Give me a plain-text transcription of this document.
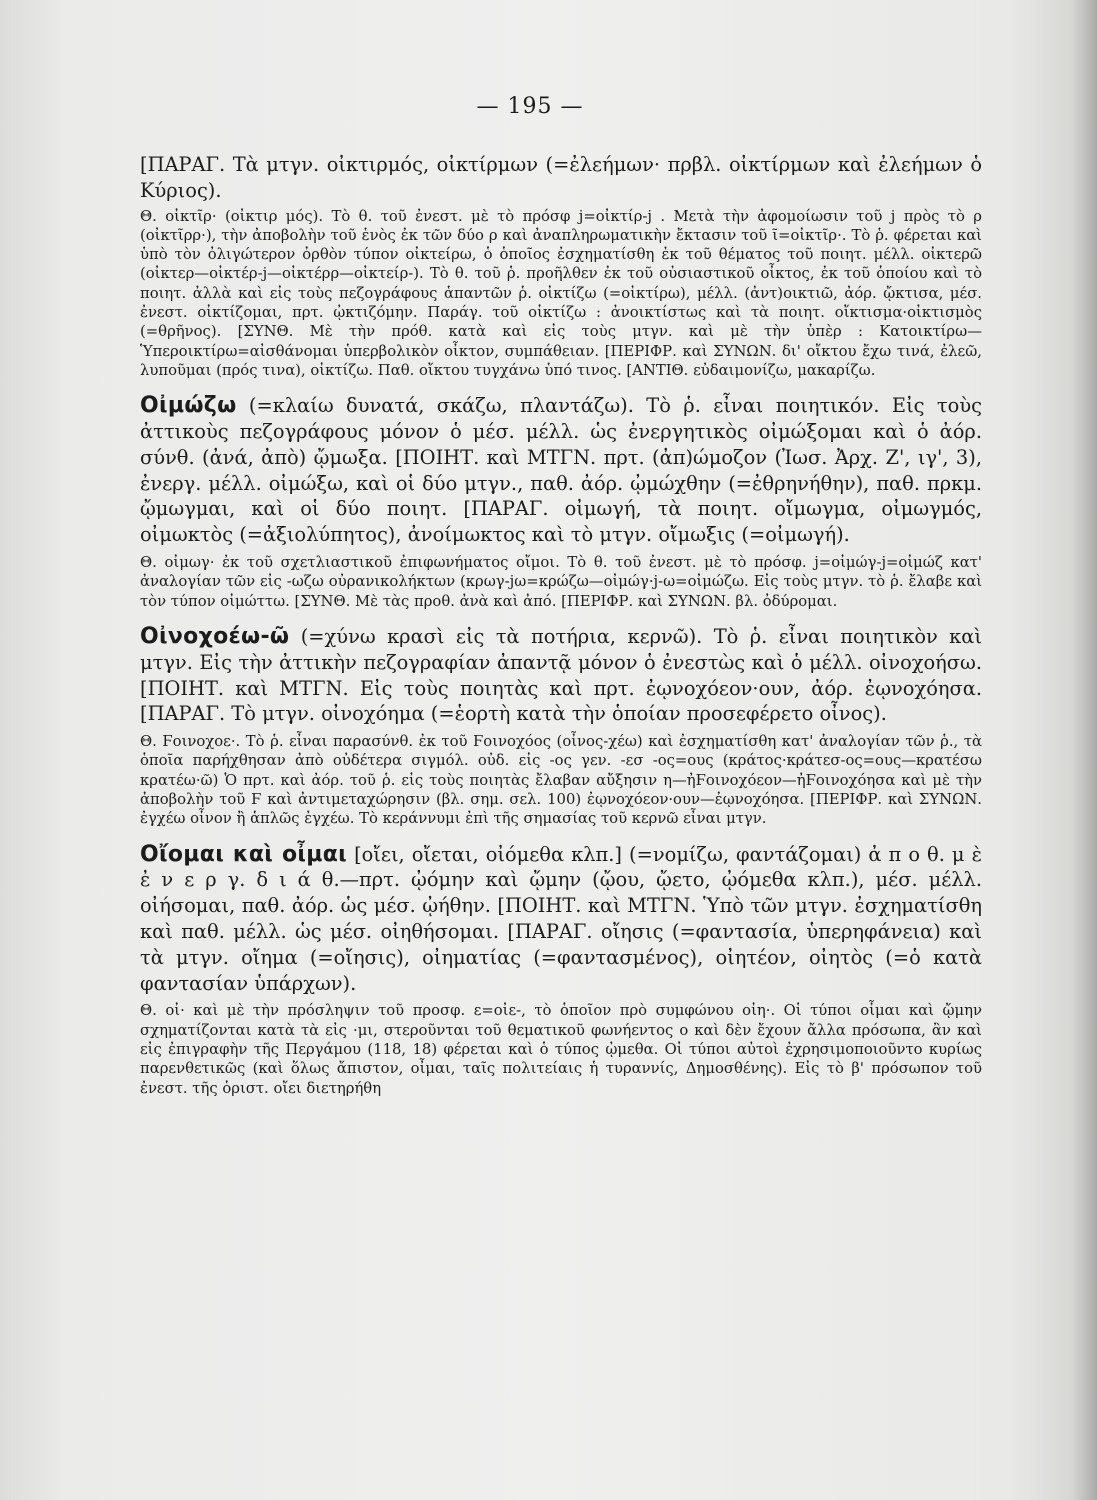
— 195 —

[ΠΑΡΑΓ. Τὰ μτγν. οἰκτιρμός, οἰκτίρμων (=ἐλεήμων· πρβλ. οἰκτίρμων καὶ ἐλεήμων ὁ Κύριος).

Θ. οἰκτῖρ· (οἰκτιρ μός). Τὸ θ. τοῦ ἐνεστ. μὲ τὸ πρόσφ j=οἰκτίρ-j . Μετὰ τὴν ἀφομοίωσιν τοῦ j πρὸς τὸ ρ (οἰκτῖρρ·), τὴν ἀποβολὴν τοῦ ἑνὸς ἐκ τῶν δύο ρ καὶ ἀναπληρωματικὴν ἔκτασιν τοῦ ῖ=οἰκτῖρ·. Τὸ ῥ. φέρεται καὶ ὑπὸ τὸν ὀλιγώτερον ὀρθὸν τύπον οἰκτείρω, ὁ ὁποῖος ἐσχηματίσθη ἐκ τοῦ θέματος τοῦ ποιητ. μέλλ. οἰκτερῶ (οἰκτερ—οἰκτέρ-j—οἰκτέρρ—οἰκτείρ-). Τὸ θ. τοῦ ῥ. προῆλθεν ἐκ τοῦ οὐσιαστικοῦ οἶκτος, ἐκ τοῦ ὁποίου καὶ τὸ ποιητ. ἀλλὰ καὶ εἰς τοὺς πεζογράφους ἁπαντῶν ῥ. οἰκτίζω (=οἰκτίρω), μέλλ. (ἀντ)οικτιῶ, ἀόρ. ᾤκτισα, μέσ. ἐνεστ. οἰκτίζομαι, πρτ. ᾠκτιζόμην. Παράγ. τοῦ οἰκτίζω : ἀνοικτίστως καὶ τὰ ποιητ. οἴκτισμα·οἰκτισμὸς (=θρῆνος). [ΣΥΝΘ. Μὲ τὴν πρόθ. κατὰ καὶ εἰς τοὺς μτγν. καὶ μὲ τὴν ὑπὲρ : Κατοικτίρω—Ὑπεροικτίρω=αἰσθάνομαι ὑπερβολικὸν οἶκτον, συμπάθειαν. [ΠΕΡΙΦΡ. καὶ ΣΥΝΩΝ. δι' οἴκτου ἔχω τινά, ἐλεῶ, λυποῦμαι (πρός τινα), οἰκτίζω. Παθ. οἴκτου τυγχάνω ὑπό τινος. [ΑΝΤΙΘ. εὐδαιμονίζω, μακαρίζω.

Οἰμώζω (=κλαίω δυνατά, σκάζω, πλαντάζω). Τὸ ῥ. εἶναι ποιητικόν. Εἰς τοὺς ἀττικοὺς πεζογράφους μόνον ὁ μέσ. μέλλ. ὡς ἐνεργητικὸς οἰμώξομαι καὶ ὁ ἀόρ. σύνθ. (ἀνά, ἀπὸ) ᾤμωξα. [ΠΟΙΗΤ. καὶ ΜΤΓΝ. πρτ. (ἀπ)ώμοζον (Ἰωσ. Ἀρχ. Ζ', ιγ', 3), ἐνεργ. μέλλ. οἰμώξω, καὶ οἱ δύο μτγν., παθ. ἀόρ. ᾠμώχθην (=ἐθρηνήθην), παθ. πρκμ. ᾤμωγμαι, καὶ οἱ δύο ποιητ. [ΠΑΡΑΓ. οἰμωγή, τὰ ποιητ. οἴμωγμα, οἰμωγμός, οἰμωκτὸς (=ἀξιολύπητος), ἀνοίμωκτος καὶ τὸ μτγν. οἴμωξις (=οἰμωγή).

Θ. οἰμωγ· ἐκ τοῦ σχετλιαστικοῦ ἐπιφωνήματος οἴμοι. Τὸ θ. τοῦ ἐνεστ. μὲ τὸ πρόσφ. j=οἰμώγ-j=οἰμώζ κατ' ἀναλογίαν τῶν εἰς -ωζω οὐρανικολήκτων (κρωγ-jω=κρώζω—οἰμώγ·j-ω=οἰμώζω. Εἰς τοὺς μτγν. τὸ ῥ. ἔλαβε καὶ τὸν τύπον οἰμώττω. [ΣΥΝΘ. Μὲ τὰς προθ. ἀνὰ καὶ ἀπό. [ΠΕΡΙΦΡ. καὶ ΣΥΝΩΝ. βλ. ὀδύρομαι.

Οἰνοχοέω-ῶ (=χύνω κρασὶ εἰς τὰ ποτήρια, κερνῶ). Τὸ ῥ. εἶναι ποιητικὸν καὶ μτγν. Εἰς τὴν ἀττικὴν πεζογραφίαν ἀπαντᾷ μόνον ὁ ἐνεστὼς καὶ ὁ μέλλ. οἰνοχοήσω. [ΠΟΙΗΤ. καὶ ΜΤΓΝ. Εἰς τοὺς ποιητὰς καὶ πρτ. ἐῳνοχόεον·ουν, ἀόρ. ἐῳνοχόησα. [ΠΑΡΑΓ. Τὸ μτγν. οἰνοχόημα (=ἑορτὴ κατὰ τὴν ὁποίαν προσεφέρετο οἶνος).

Θ. Ϝοινοχοε·. Τὸ ῥ. εἶναι παρασύνθ. ἐκ τοῦ Ϝοινοχόος (οἶνος-χέω) καὶ ἐσχηματίσθη κατ' ἀναλογίαν τῶν ῥ., τὰ ὁποῖα παρήχθησαν ἀπὸ οὐδέτερα σιγμόλ. οὐδ. εἰς -ος γεν. -εσ -ος=ους (κράτος·κράτεσ-ος=ους—κρατέσω κρατέω·ῶ) Ὁ πρτ. καὶ ἀόρ. τοῦ ῥ. εἰς τοὺς ποιητὰς ἔλαβαν αὔξησιν η—ἠϜοινοχόεον—ἠϜοινοχόησα καὶ μὲ τὴν ἀποβολὴν τοῦ Ϝ καὶ ἀντιμεταχώρησιν (βλ. σημ. σελ. 100) ἐῳνοχόεον·ουν—ἐῳνοχόησα. [ΠΕΡΙΦΡ. καὶ ΣΥΝΩΝ. ἐγχέω οἶνον ἢ ἁπλῶς ἐγχέω. Τὸ κεράννυμι ἐπὶ τῆς σημασίας τοῦ κερνῶ εἶναι μτγν.

Οἴομαι καὶ οἶμαι [οἴει, οἴεται, οἰόμεθα κλπ.] (=νομίζω, φαντάζομαι) ἀ π ο θ. μ ὲ ἐ ν ε ρ γ. δ ι ά θ.—πρτ. ᾠόμην καὶ ᾤμην (ᾤου, ᾤετο, ᾠόμεθα κλπ.), μέσ. μέλλ. οἰήσομαι, παθ. ἀόρ. ὡς μέσ. ᾠήθην. [ΠΟΙΗΤ. καὶ ΜΤΓΝ. Ὑπὸ τῶν μτγν. ἐσχηματίσθη καὶ παθ. μέλλ. ὡς μέσ. οἰηθήσομαι. [ΠΑΡΑΓ. οἴησις (=φαντασία, ὑπερηφάνεια) καὶ τὰ μτγν. οἴημα (=οἴησις), οἰηματίας (=φαντασμένος), οἰητέον, οἰητὸς (=ὁ κατὰ φαντασίαν ὑπάρχων).

Θ. οἰ· καὶ μὲ τὴν πρόσληψιν τοῦ προσφ. ε=οἰε-, τὸ ὁποῖον πρὸ συμφώνου οἰη·. Οἱ τύποι οἶμαι καὶ ᾤμην σχηματίζονται κατὰ τὰ εἰς ·μι, στεροῦνται τοῦ θεματικοῦ φωνήεντος ο καὶ δὲν ἔχουν ἄλλα πρόσωπα, ἂν καὶ εἰς ἐπιγραφὴν τῆς Περγάμου (118, 18) φέρεται καὶ ὁ τύπος ᾠμεθα. Οἱ τύποι αὐτοὶ ἐχρησιμοποιοῦντο κυρίως παρενθετικῶς (καὶ ὅλως ἄπιστον, οἶμαι, ταῖς πολιτείαις ἡ τυραννίς, Δημοσθένης). Εἰς τὸ β' πρόσωπον τοῦ ἐνεστ. τῆς ὁριστ. οἴει διετηρήθη
